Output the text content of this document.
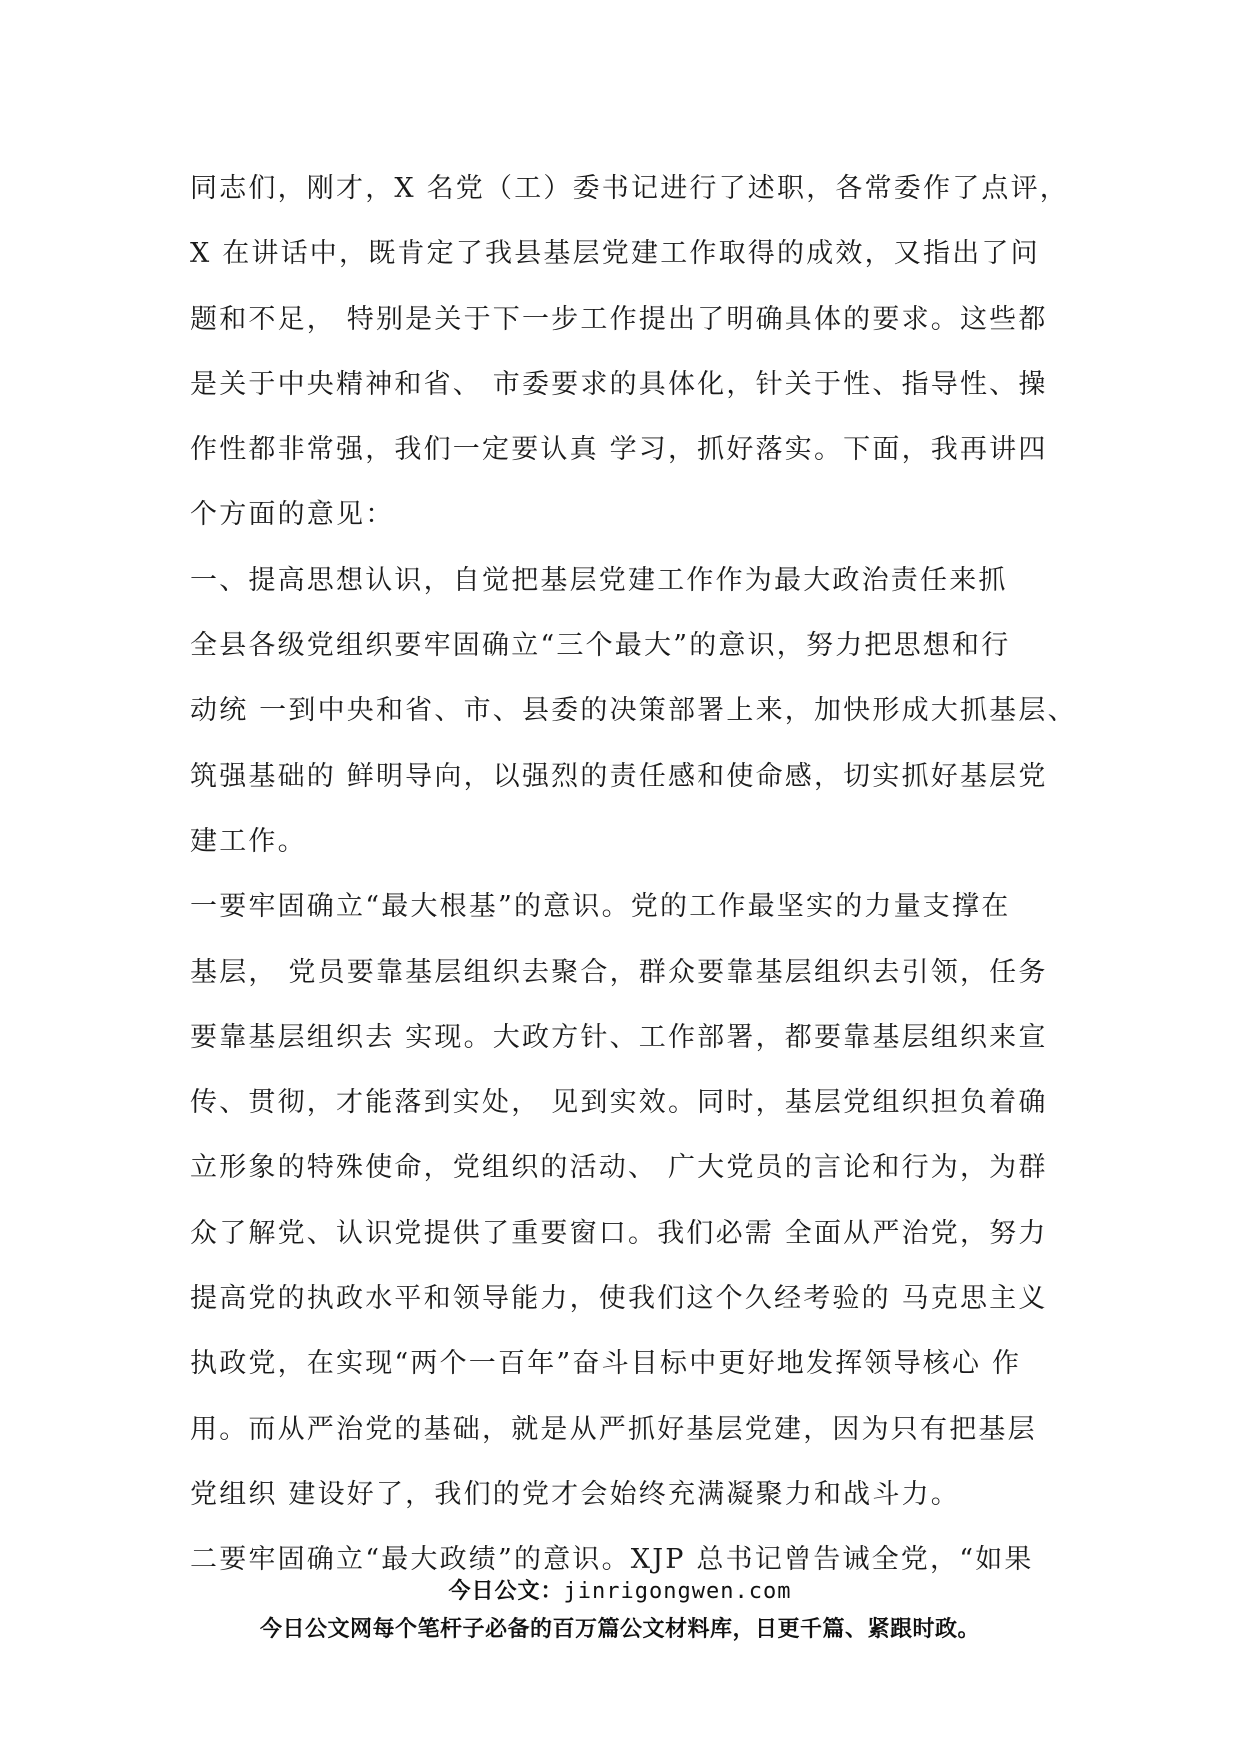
同志们，刚才，X 名党（工）委书记进行了述职，各常委作了点评，
X 在讲话中，既肯定了我县基层党建工作取得的成效，又指出了问
题和不足， 特别是关于下一步工作提出了明确具体的要求。这些都
是关于中央精神和省、 市委要求的具体化，针关于性、指导性、操
作性都非常强，我们一定要认真 学习，抓好落实。下面，我再讲四
个方面的意见：
一、提高思想认识，自觉把基层党建工作作为最大政治责任来抓
全县各级党组织要牢固确立“三个最大”的意识，努力把思想和行
动统 一到中央和省、市、县委的决策部署上来，加快形成大抓基层、
筑强基础的 鲜明导向，以强烈的责任感和使命感，切实抓好基层党
建工作。
一要牢固确立“最大根基”的意识。党的工作最坚实的力量支撑在
基层， 党员要靠基层组织去聚合，群众要靠基层组织去引领，任务
要靠基层组织去 实现。大政方针、工作部署，都要靠基层组织来宣
传、贯彻，才能落到实处， 见到实效。同时，基层党组织担负着确
立形象的特殊使命，党组织的活动、 广大党员的言论和行为，为群
众了解党、认识党提供了重要窗口。我们必需 全面从严治党，努力
提高党的执政水平和领导能力，使我们这个久经考验的 马克思主义
执政党，在实现“两个一百年”奋斗目标中更好地发挥领导核心 作
用。而从严治党的基础，就是从严抓好基层党建，因为只有把基层
党组织 建设好了，我们的党才会始终充满凝聚力和战斗力。
二要牢固确立“最大政绩”的意识。XJP 总书记曾告诫全党，“如果
今日公文：jinrigongwen.com
今日公文网每个笔杆子必备的百万篇公文材料库，日更千篇、紧跟时政。
